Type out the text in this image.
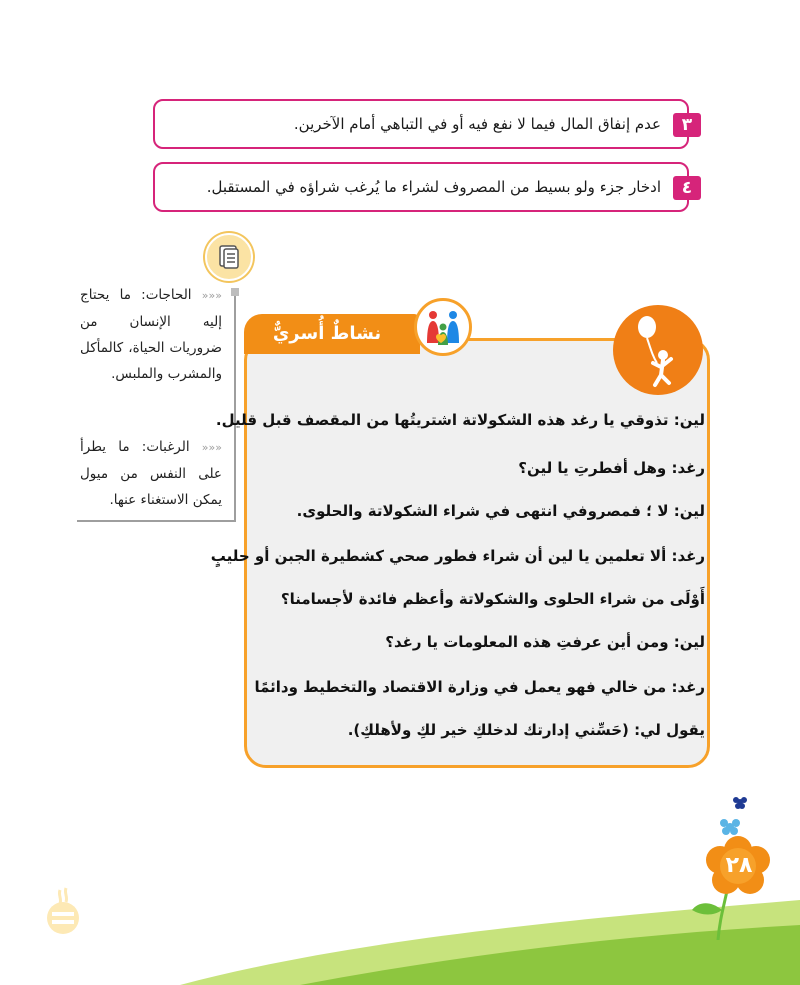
٣
عدم إنفاق المال فيما لا نفع فيه أو في التباهي أمام الآخرين.
٤
ادخار جزء ولو بسيط من المصروف لشراء ما يُرغب شراؤه في المستقبل.
««« الحاجات: ما يحتاج إليه الإنسان من ضروريات الحياة، كالمأكل والمشرب والملبس.
««« الرغبات: ما يطرأ على النفس من ميول يمكن الاستغناء عنها.
نشاطٌ أُسريٌّ
لين: تذوقي يا رغد هذه الشكولاتة اشتريتُها من المقصف قبل قليل.
رغد: وهل أفطرتِ يا لين؟
لين: لا ؛ فمصروفي انتهى في شراء الشكولاتة والحلوى.
رغد: ألا تعلمين يا لين أن شراء فطور صحي كشطيرة الجبن أو حليبٍ
أَوْلَى من شراء الحلوى والشكولاتة وأعظم فائدة لأجسامنا؟
لين: ومن أين عرفتِ هذه المعلومات يا رغد؟
رغد: من خالي فهو يعمل في وزارة الاقتصاد والتخطيط ودائمًا
يقول لي: (حَسِّني إدارتك لدخلكِ خير لكِ ولأهلكِ).
٢٨
